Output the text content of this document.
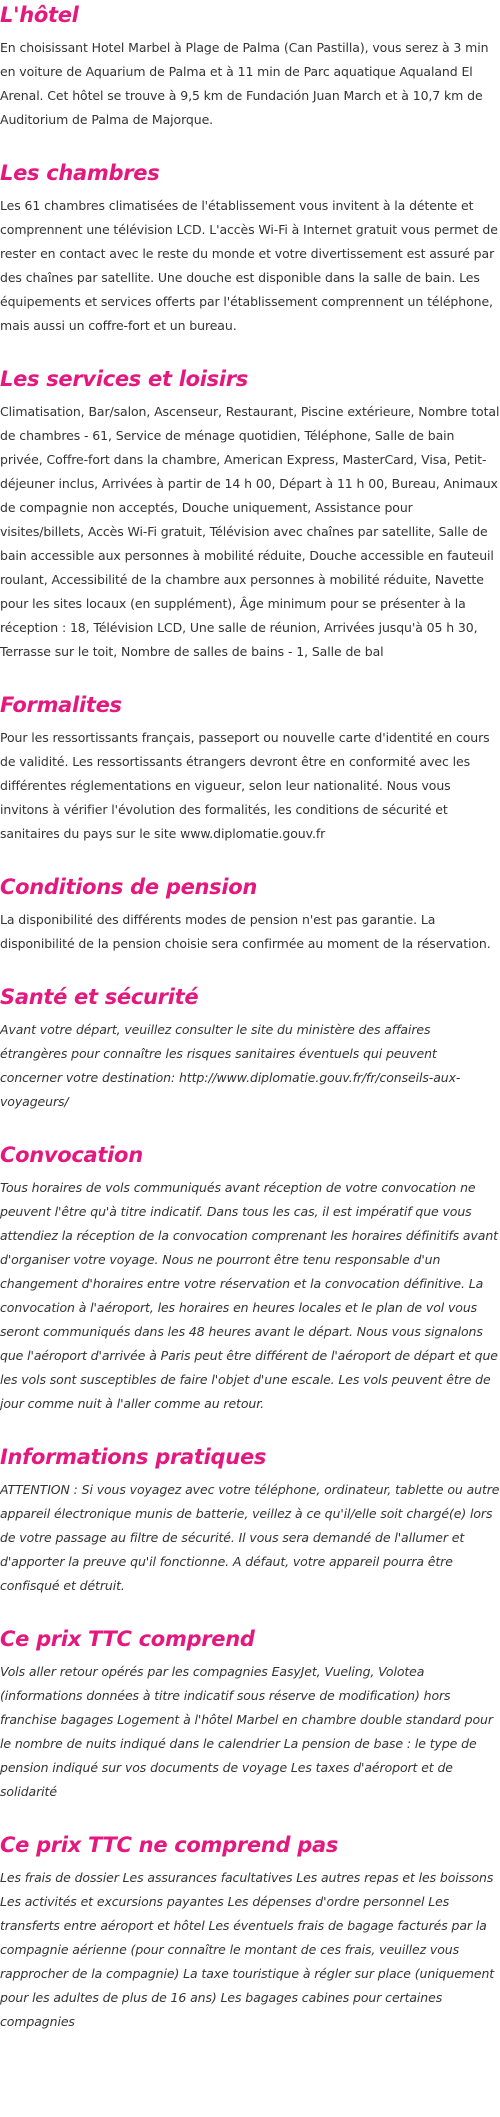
L'hôtel

En choisissant Hotel Marbel à Plage de Palma (Can Pastilla), vous serez à 3 min en voiture de Aquarium de Palma et à 11 min de Parc aquatique Aqualand El Arenal. Cet hôtel se trouve à 9,5 km de Fundación Juan March et à 10,7 km de Auditorium de Palma de Majorque.

Les chambres

Les 61 chambres climatisées de l'établissement vous invitent à la détente et comprennent une télévision LCD. L'accès Wi-Fi à Internet gratuit vous permet de rester en contact avec le reste du monde et votre divertissement est assuré par des chaînes par satellite. Une douche est disponible dans la salle de bain. Les équipements et services offerts par l'établissement comprennent un téléphone, mais aussi un coffre-fort et un bureau.

Les services et loisirs

Climatisation, Bar/salon, Ascenseur, Restaurant, Piscine extérieure, Nombre total de chambres - 61, Service de ménage quotidien, Téléphone, Salle de bain privée, Coffre-fort dans la chambre, American Express, MasterCard, Visa, Petit-déjeuner inclus, Arrivées à partir de 14 h 00, Départ à 11 h 00, Bureau, Animaux de compagnie non acceptés, Douche uniquement, Assistance pour visites/billets, Accès Wi-Fi gratuit, Télévision avec chaînes par satellite, Salle de bain accessible aux personnes à mobilité réduite, Douche accessible en fauteuil roulant, Accessibilité de la chambre aux personnes à mobilité réduite, Navette pour les sites locaux (en supplément), Âge minimum pour se présenter à la réception : 18, Télévision LCD, Une salle de réunion, Arrivées jusqu'à 05 h 30, Terrasse sur le toit, Nombre de salles de bains - 1, Salle de bal

Formalites

Pour les ressortissants français, passeport ou nouvelle carte d'identité en cours de validité. Les ressortissants étrangers devront être en conformité avec les différentes réglementations en vigueur, selon leur nationalité. Nous vous invitons à vérifier l'évolution des formalités, les conditions de sécurité et sanitaires du pays sur le site www.diplomatie.gouv.fr

Conditions de pension

La disponibilité des différents modes de pension n'est pas garantie. La disponibilité de la pension choisie sera confirmée au moment de la réservation.

Santé et sécurité

Avant votre départ, veuillez consulter le site du ministère des affaires étrangères pour connaître les risques sanitaires éventuels qui peuvent concerner votre destination: http://www.diplomatie.gouv.fr/fr/conseils-aux-voyageurs/

Convocation

Tous horaires de vols communiqués avant réception de votre convocation ne peuvent l'être qu'à titre indicatif. Dans tous les cas, il est impératif que vous attendiez la réception de la convocation comprenant les horaires définitifs avant d'organiser votre voyage. Nous ne pourront être tenu responsable d'un changement d'horaires entre votre réservation et la convocation définitive. La convocation à l'aéroport, les horaires en heures locales et le plan de vol vous seront communiqués dans les 48 heures avant le départ. Nous vous signalons que l'aéroport d'arrivée à Paris peut être différent de l'aéroport de départ et que les vols sont susceptibles de faire l'objet d'une escale. Les vols peuvent être de jour comme nuit à l'aller comme au retour.

Informations pratiques

ATTENTION : Si vous voyagez avec votre téléphone, ordinateur, tablette ou autre appareil électronique munis de batterie, veillez à ce qu'il/elle soit chargé(e) lors de votre passage au filtre de sécurité. Il vous sera demandé de l'allumer et d'apporter la preuve qu'il fonctionne. A défaut, votre appareil pourra être confisqué et détruit.

Ce prix TTC comprend

Vols aller retour opérés par les compagnies EasyJet, Vueling, Volotea (informations données à titre indicatif sous réserve de modification) hors franchise bagages Logement à l'hôtel Marbel en chambre double standard pour le nombre de nuits indiqué dans le calendrier La pension de base : le type de pension indiqué sur vos documents de voyage Les taxes d'aéroport et de solidarité

Ce prix TTC ne comprend pas

Les frais de dossier Les assurances facultatives Les autres repas et les boissons Les activités et excursions payantes Les dépenses d'ordre personnel Les transferts entre aéroport et hôtel Les éventuels frais de bagage facturés par la compagnie aérienne (pour connaître le montant de ces frais, veuillez vous rapprocher de la compagnie) La taxe touristique à régler sur place (uniquement pour les adultes de plus de 16 ans) Les bagages cabines pour certaines compagnies
